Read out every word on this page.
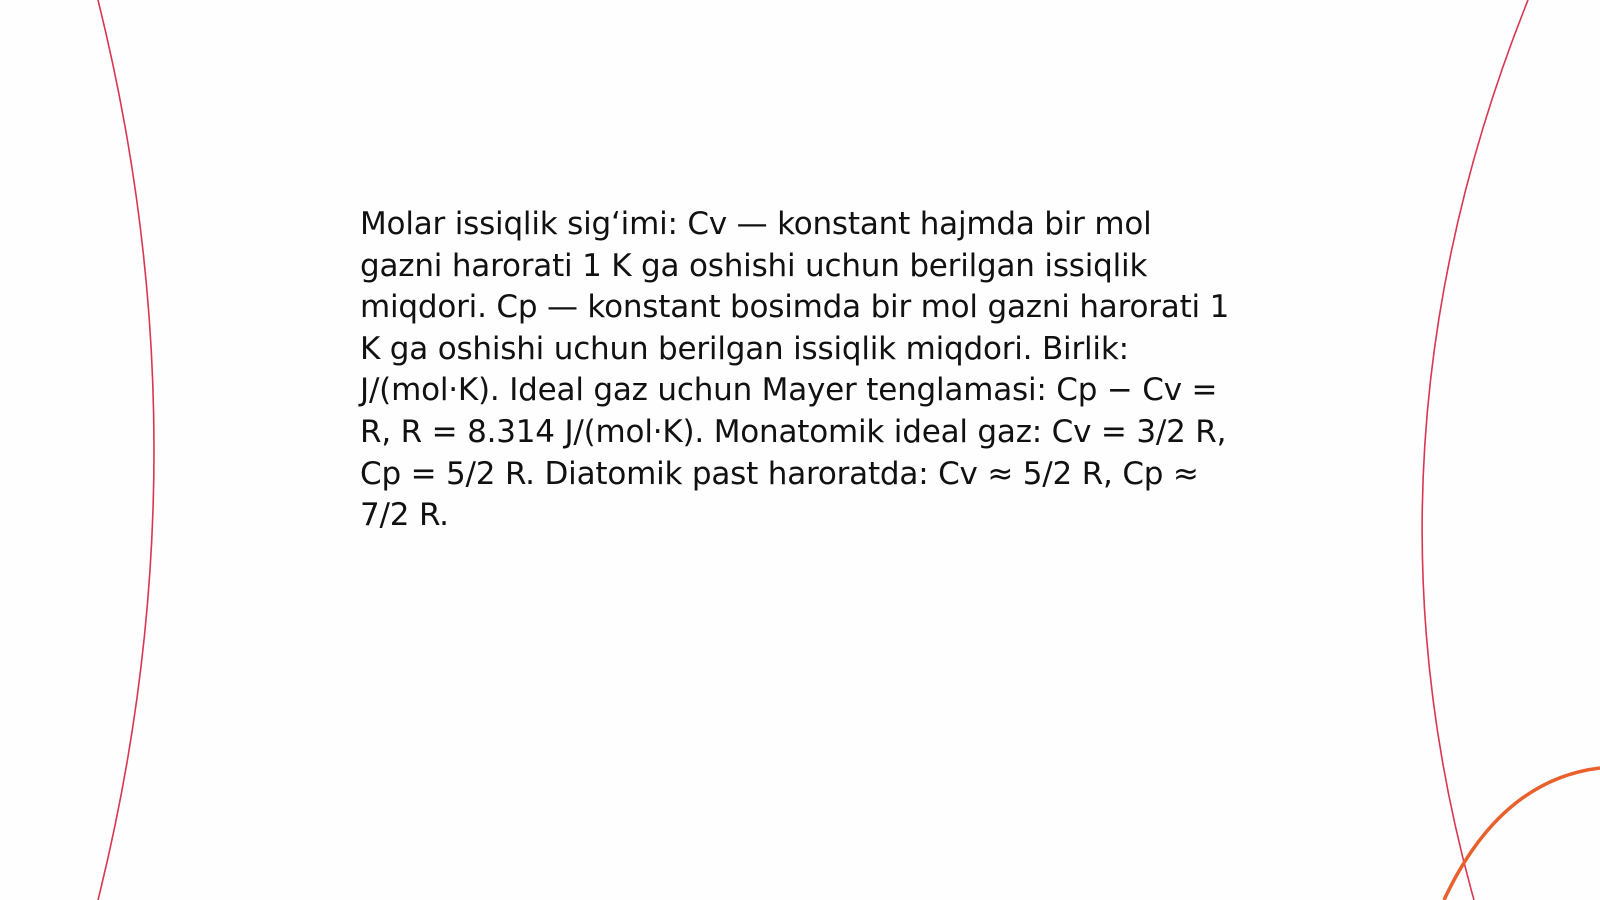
Molar issiqlik sig‘imi: Cv — konstant hajmda bir mol gazni harorati 1 K ga oshishi uchun berilgan issiqlik miqdori. Cp — konstant bosimda bir mol gazni harorati 1 K ga oshishi uchun berilgan issiqlik miqdori. Birlik: J/(mol·K). Ideal gaz uchun Mayer tenglamasi: Cp − Cv = R, R = 8.314 J/(mol·K). Monatomik ideal gaz: Cv = 3/2 R, Cp = 5/2 R. Diatomik past haroratda: Cv ≈ 5/2 R, Cp ≈ 7/2 R.
